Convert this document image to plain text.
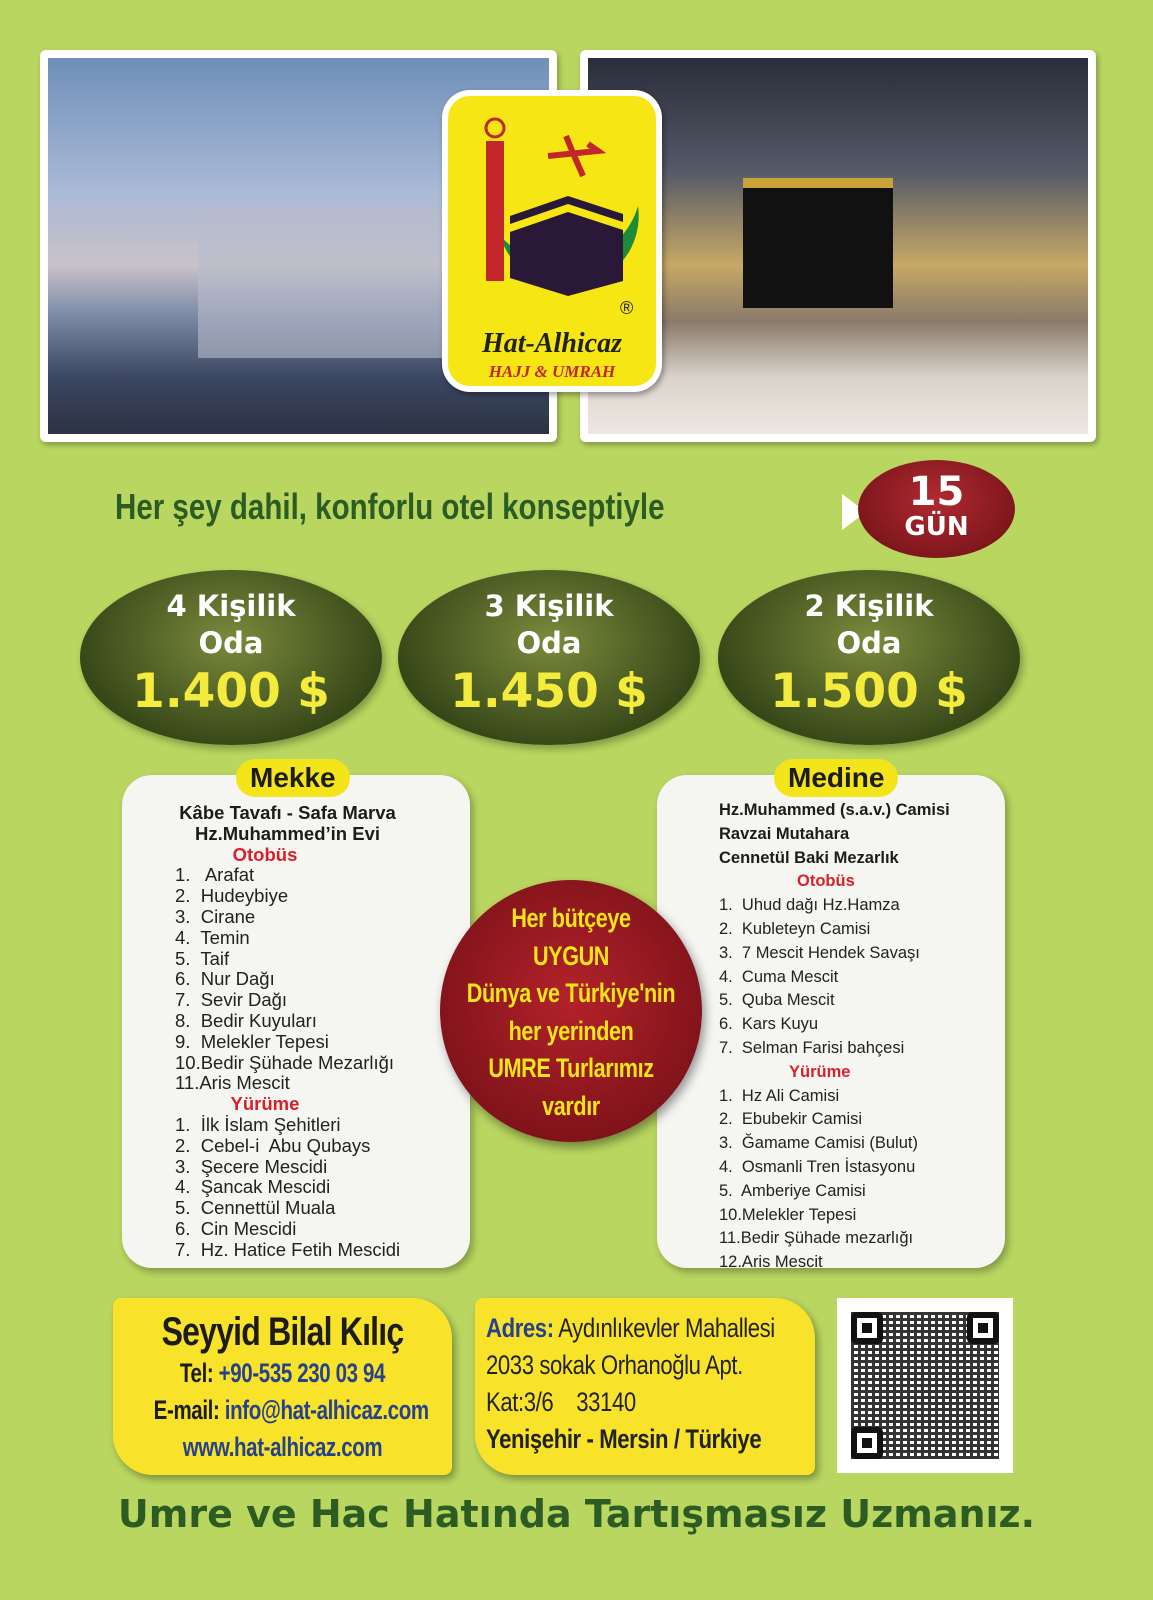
®
Hat-Alhicaz
HAJJ & UMRAH
Her şey dahil, konforlu otel konseptiyle	15
GÜN
4 Kişilik
Oda
1.400 $
3 Kişilik
Oda
1.450 $
2 Kişilik
Oda
1.500 $
Mekke
Kâbe Tavafı - Safa Marva
Hz.Muhammed’in Evi
Otobüs
1.   Arafat
2.  Hudeybiye
3.  Cirane
4.  Temin
5.  Taif
6.  Nur Dağı
7.  Sevir Dağı
8.  Bedir Kuyuları
9.  Melekler Tepesi
10.Bedir Şühade Mezarlığı
11.Aris Mescit
Yürüme
1.  İlk İslam Şehitleri
2.  Cebel-i  Abu Qubays
3.  Şecere Mescidi
4.  Şancak Mescidi
5.  Cennettül Muala
6.  Cin Mescidi
7.  Hz. Hatice Fetih Mescidi
Medine
Hz.Muhammed (s.a.v.) Camisi
Ravzai Mutahara
Cennetül Baki Mezarlık
Otobüs
1.  Uhud dağı Hz.Hamza
2.  Kubleteyn Camisi
3.  7 Mescit Hendek Savaşı
4.  Cuma Mescit
5.  Quba Mescit
6.  Kars Kuyu
7.  Selman Farisi bahçesi
Yürüme
1.  Hz Ali Camisi
2.  Ebubekir Camisi
3.  Ğamame Camisi (Bulut)
4.  Osmanli Tren İstasyonu
5.  Amberiye Camisi
10.Melekler Tepesi
11.Bedir Şühade mezarlığı
12.Aris Mescit
Her bütçeye
UYGUN
Dünya ve Türkiye'nin
her yerinden
UMRE Turlarımız
vardır
Seyyid Bilal Kılıç
Tel: +90-535 230 03 94
E-mail: info@hat-alhicaz.com
www.hat-alhicaz.com
Adres: Aydınlıkevler Mahallesi
2033 sokak Orhanoğlu Apt.
Kat:3/6    33140
Yenişehir - Mersin / Türkiye
Umre ve Hac Hatında Tartışmasız Uzmanız.
